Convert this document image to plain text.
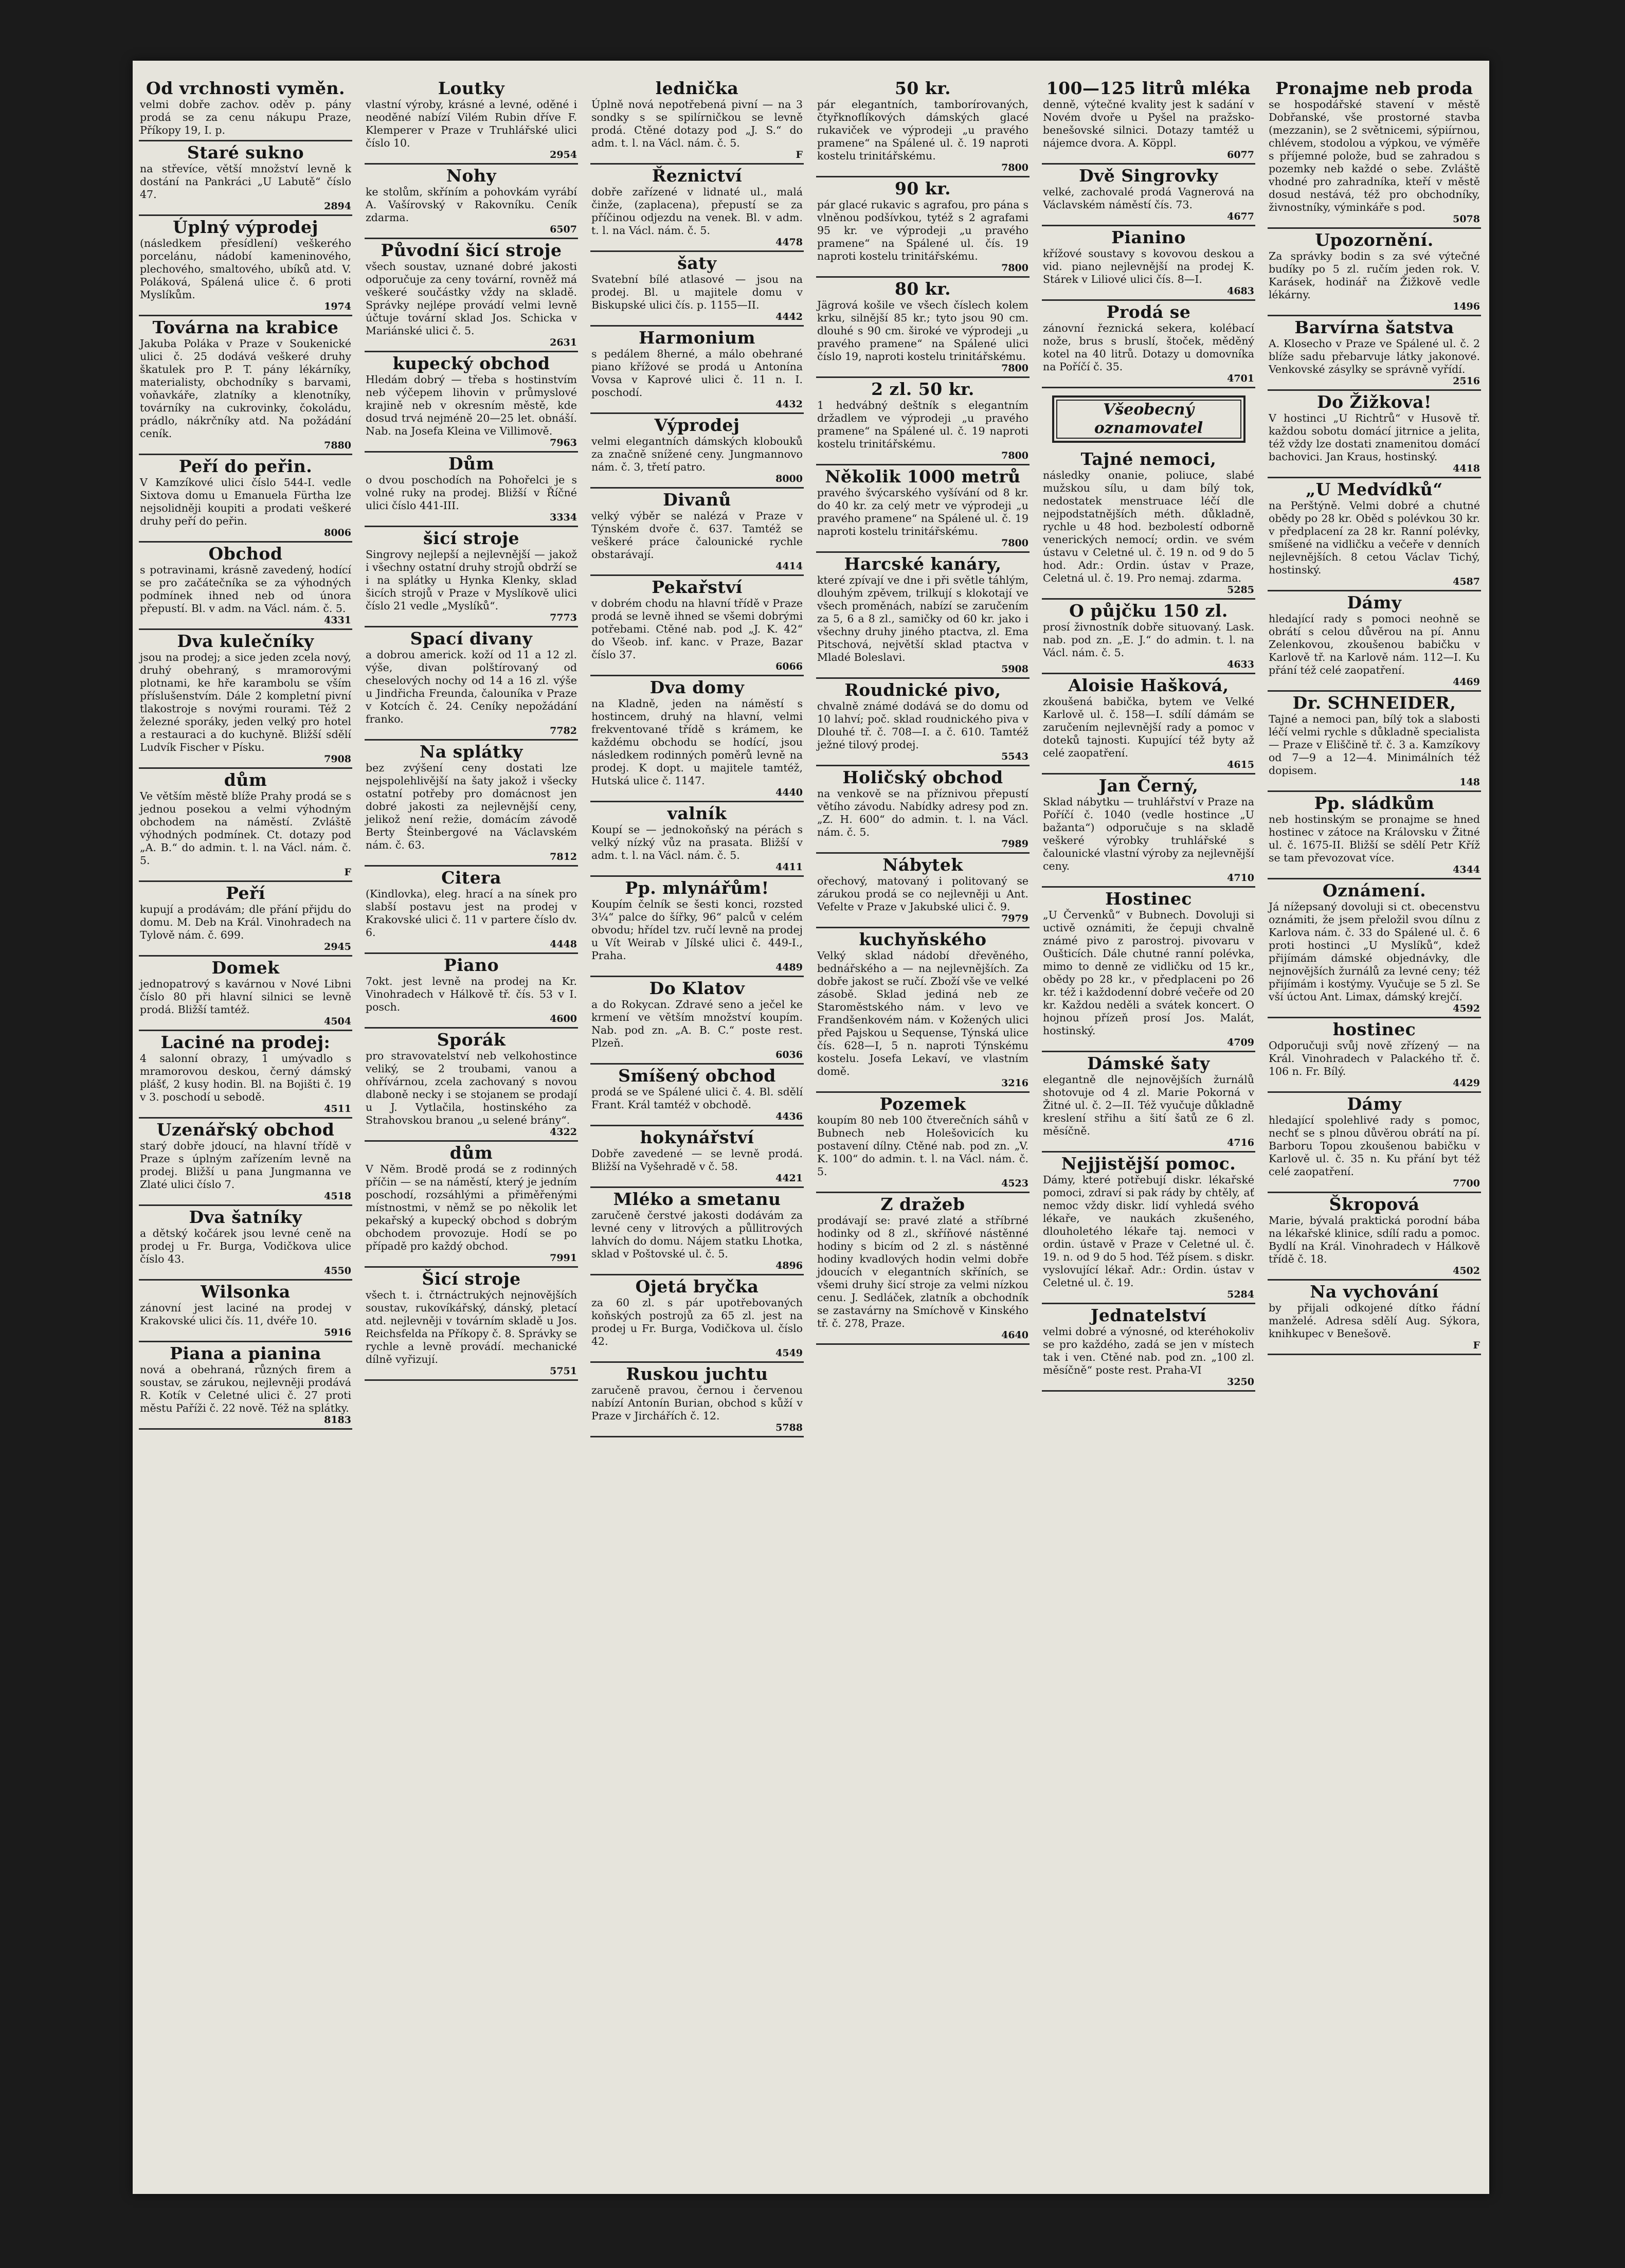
Od vrchnosti vyměn.
velmi dobře zachov. oděv p. pány prodá se za cenu nákupu Praze, Příkopy 19, I. p.
Staré sukno
na střevíce, větší množství levně k dostání na Pankráci „U Labutě“ číslo 47.
2894
Úplný výprodej
(následkem přesídlení) veškerého porcelánu, nádobí kameninového, plechového, smaltového, ubíků atd. V. Poláková, Spálená ulice č. 6 proti Myslíkům.
1974
Továrna na krabice
Jakuba Poláka v Praze v Soukenické ulici č. 25 dodává veškeré druhy škatulek pro P. T. pány lékárníky, materialisty, obchodníky s barvami, voňavkáře, zlatníky a klenotníky, továrníky na cukrovinky, čokoládu, prádlo, nákrčníky atd. Na požádání ceník.
7880
Peří do peřin.
V Kamzíkové ulici číslo 544-I. vedle Sixtova domu u Emanuela Fürtha lze nejsolidněji koupiti a prodati veškeré druhy peří do peřin.
8006
Obchod
s potravinami, krásně zavedený, hodící se pro začátečníka se za výhodných podmínek ihned neb od února přepustí. Bl. v adm. na Václ. nám. č. 5.
4331
Dva kulečníky
jsou na prodej; a sice jeden zcela nový, druhý obehraný, s mramorovými plotnami, ke hře karambolu se vším příslušenstvím. Dále 2 kompletní pivní tlakostroje s novými rourami. Též 2 železné sporáky, jeden velký pro hotel a restauraci a do kuchyně. Bližší sdělí Ludvík Fischer v Písku.
7908
dům
Ve větším městě blíže Prahy prodá se s jednou posekou a velmi výhodným obchodem na náměstí. Zvláště výhodných podmínek. Ct. dotazy pod „A. B.“ do admin. t. l. na Václ. nám. č. 5.
F
Peří
kupují a prodávám; dle přání přijdu do domu. M. Deb na Král. Vinohradech na Tylově nám. č. 699.
2945
Domek
jednopatrový s kavárnou v Nové Libni číslo 80 při hlavní silnici se levně prodá. Bližší tamtéž.
4504
Laciné na prodej:
4 salonní obrazy, 1 umývadlo s mramorovou deskou, černý dámský plášť, 2 kusy hodin. Bl. na Bojišti č. 19 v 3. poschodí u sebodě.
4511
Uzenářský obchod
starý dobře jdoucí, na hlavní třídě v Praze s úplným zařízením levně na prodej. Bližší u pana Jungmanna ve Zlaté ulici číslo 7.
4518
Dva šatníky
a dětský kočárek jsou levné ceně na prodej u Fr. Burga, Vodičkova ulice číslo 43.
4550
Wilsonka
zánovní jest laciné na prodej v Krakovské ulici čís. 11, dvéře 10.
5916
Piana a pianina
nová a obehraná, různých firem a soustav, se zárukou, nejlevněji prodává R. Kotík v Celetné ulici č. 27 proti městu Paříži č. 22 nově. Též na splátky.
8183
Loutky
vlastní výroby, krásné a levné, oděné i neoděné nabízí Vilém Rubin dříve F. Klemperer v Praze v Truhlářské ulici číslo 10.
2954
Nohy
ke stolům, skříním a pohovkám vyrábí A. Vašírovský v Rakovníku. Ceník zdarma.
6507
Původní šicí stroje
všech soustav, uznané dobré jakosti odporučuje za ceny tovární, rovněž má veškeré součástky vždy na skladě. Správky nejlépe provádí velmi levně účtuje tovární sklad Jos. Schicka v Mariánské ulici č. 5.
2631
kupecký obchod
Hledám dobrý — třeba s hostinstvím neb výčepem lihovin v průmyslové krajině neb v okresním městě, kde dosud trvá nejméně 20—25 let. obnáší. Nab. na Josefa Kleina ve Villimově.
7963
Dům
o dvou poschodích na Pohořelci je s volné ruky na prodej. Bližší v Říčné ulici číslo 441-III.
3334
šicí stroje
Singrovy nejlepší a nejlevnější — jakož i všechny ostatní druhy strojů obdrží se i na splátky u Hynka Klenky, sklad šicích strojů v Praze v Myslíkově ulici číslo 21 vedle „Myslíků“.
7773
Spací divany
a dobrou americk. koží od 11 a 12 zl. výše, divan polštírovaný od cheselových nochy od 14 a 16 zl. výše u Jindřicha Freunda, čalouníka v Praze v Kotcích č. 24. Ceníky nepožádání franko.
7782
Na splátky
bez zvýšení ceny dostati lze nejspolehlivější na šaty jakož i všecky ostatní potřeby pro domácnost jen dobré jakosti za nejlevnější ceny, jelikož není režie, domácím závodě Berty Šteinbergové na Václavském nám. č. 63.
7812
Citera
(Kindlovka), eleg. hrací a na sínek pro slabší postavu jest na prodej v Krakovské ulici č. 11 v partere číslo dv. 6.
4448
Piano
7okt. jest levně na prodej na Kr. Vinohradech v Hálkově tř. čís. 53 v I. posch.
4600
Sporák
pro stravovatelství neb velkohostince veliký, se 2 troubami, vanou a ohřívárnou, zcela zachovaný s novou dlaboně necky i se stojanem se prodají u J. Vytlačila, hostinského za Strahovskou branou „u selené brány“.
4322
dům
V Něm. Brodě prodá se z rodinných příčin — se na náměstí, který je jedním poschodí, rozsáhlými a přiměřenými místnostmi, v němž se po několik let pekařský a kupecký obchod s dobrým obchodem provozuje. Hodí se po případě pro každý obchod.
7991
Šicí stroje
všech t. i. čtrnáctrukých nejnovějších soustav, rukovíkářský, dánský, pletací atd. nejlevněji v továrním skladě u Jos. Reichsfelda na Příkopy č. 8. Správky se rychle a levně provádí. mechanické dílně vyřizují.
5751
lednička
Úplně nová nepotřebená pivní — na 3 sondky s se spilírničkou se levně prodá. Ctěné dotazy pod „J. S.“ do adm. t. l. na Václ. nám. č. 5.
F
Řeznictví
dobře zařízené v lidnaté ul., malá činže, (zaplacena), přepustí se za příčinou odjezdu na venek. Bl. v adm. t. l. na Václ. nám. č. 5.
4478
šaty
Svatební bílé atlasové — jsou na prodej. Bl. u majitele domu v Biskupské ulici čís. p. 1155—II.
4442
Harmonium
s pedálem 8herné, a málo obehrané piano křížové se prodá u Antonína Vovsa v Kaprové ulici č. 11 n. I. poschodí.
4432
Výprodej
velmi elegantních dámských klobouků za značně snížené ceny. Jungmannovo nám. č. 3, třetí patro.
8000
Divanů
velký výběr se nalézá v Praze v Týnském dvoře č. 637. Tamtéž se veškeré práce čalounické rychle obstarávají.
4414
Pekařství
v dobrém chodu na hlavní třídě v Praze prodá se levně ihned se všemi dobrými potřebami. Ctěné nab. pod „J. K. 42“ do Všeob. inf. kanc. v Praze, Bazar číslo 37.
6066
Dva domy
na Kladně, jeden na náměstí s hostincem, druhý na hlavní, velmi frekventované třídě s krámem, ke každému obchodu se hodící, jsou následkem rodinných poměrů levně na prodej. K dopt. u majitele tamtéž, Hutská ulice č. 1147.
4440
valník
Koupí se — jednokoňský na pérách s velký nízký vůz na prasata. Bližší v adm. t. l. na Václ. nám. č. 5.
4411
Pp. mlynářům!
Koupím čelník se šesti konci, rozsted 3¼“ palce do šířky, 96“ palců v celém obvodu; hřídel tzv. ručí levně na prodej u Vít Weirab v Jílské ulici č. 449-I., Praha.
4489
Do Klatov
a do Rokycan. Zdravé seno a ječel ke krmení ve větším množství koupím. Nab. pod zn. „A. B. C.“ poste rest. Plzeň.
6036
Smíšený obchod
prodá se ve Spálené ulici č. 4. Bl. sdělí Frant. Král tamtéž v obchodě.
4436
hokynářství
Dobře zavedené — se levně prodá. Bližší na Vyšehradě v č. 58.
4421
Mléko a smetanu
zaručeně čerstvé jakosti dodávám za levné ceny v litrových a půllitrových lahvích do domu. Nájem statku Lhotka, sklad v Poštovské ul. č. 5.
4896
Ojetá bryčka
za 60 zl. s pár upotřebovaných koňských postrojů za 65 zl. jest na prodej u Fr. Burga, Vodičkova ul. číslo 42.
4549
Ruskou juchtu
zaručeně pravou, černou i červenou nabízí Antonín Burian, obchod s kůží v Praze v Jirchářích č. 12.
5788
50 kr.
pár elegantních, tamborírovaných, čtyřknoflíkových dámských glacé rukaviček ve výprodeji „u pravého pramene“ na Spálené ul. č. 19 naproti kostelu trinitářskému.
7800
90 kr.
pár glacé rukavic s agrafou, pro pána s vlněnou podšívkou, tytéž s 2 agrafami 95 kr. ve výprodeji „u pravého pramene“ na Spálené ul. čís. 19 naproti kostelu trinitářskému.
7800
80 kr.
Jägrová košile ve všech číslech kolem krku, silnější 85 kr.; tyto jsou 90 cm. dlouhé s 90 cm. široké ve výprodeji „u pravého pramene“ na Spálené ulici číslo 19, naproti kostelu trinitářskému.
7800
2 zl. 50 kr.
1 hedvábný deštník s elegantním držadlem ve výprodeji „u pravého pramene“ na Spálené ul. č. 19 naproti kostelu trinitářskému.
7800
Několik 1000 metrů
pravého švýcarského vyšívání od 8 kr. do 40 kr. za celý metr ve výprodeji „u pravého pramene“ na Spálené ul. č. 19 naproti kostelu trinitářskému.
7800
Harcské kanáry,
které zpívají ve dne i při světle táhlým, dlouhým zpěvem, trilkují s klokotají ve všech proměnách, nabízí se zaručením za 5, 6 a 8 zl., samičky od 60 kr. jako i všechny druhy jiného ptactva, zl. Ema Pitschová, největší sklad ptactva v Mladé Boleslavi.
5908
Roudnické pivo,
chvalně známé dodává se do domu od 10 lahví; poč. sklad roudnického piva v Dlouhé tř. č. 708—I. a č. 610. Tamtéž ježné tilový prodej.
5543
Holičský obchod
na venkově se na příznivou přepustí větího závodu. Nabídky adresy pod zn. „Z. H. 600“ do admin. t. l. na Václ. nám. č. 5.
7989
Nábytek
ořechový, matovaný i politovaný se zárukou prodá se co nejlevněji u Ant. Vefelte v Praze v Jakubské ulici č. 9.
7979
kuchyňského
Velký sklad nádobí dřevěného, bednářského a — na nejlevnějších. Za dobře jakost se ručí. Zboží vše ve velké zásobě. Sklad jediná neb ze Staroměstského nám. v levo ve Frandšenkovém nám. v Kožených ulici před Pajskou u Sequense, Týnská ulice čís. 628—I, 5 n. naproti Týnskému kostelu. Josefa Lekaví, ve vlastním domě.
3216
Pozemek
koupím 80 neb 100 čtverečních sáhů v Bubnech neb Holešovicích ku postavení dílny. Ctěné nab. pod zn. „V. K. 100“ do admin. t. l. na Václ. nám. č. 5.
4523
Z dražeb
prodávají se: pravé zlaté a stříbrné hodinky od 8 zl., skříňové nástěnné hodiny s bicím od 2 zl. s nástěnné hodiny kvadlových hodin velmi dobře jdoucích v elegantních skříních, se všemi druhy šicí stroje za velmi nízkou cenu. J. Sedláček, zlatník a obchodník se zastavárny na Smíchově v Kinského tř. č. 278, Praze.
4640
100—125 litrů mléka
denně, výtečné kvality jest k sadání v Novém dvoře u Pyšel na pražsko-benešovské silnici. Dotazy tamtéž u nájemce dvora. A. Köppl.
6077
Dvě Singrovky
velké, zachovalé prodá Vagnerová na Václavském náměstí čís. 73.
4677
Pianino
křížové soustavy s kovovou deskou a vid. piano nejlevnější na prodej K. Stárek v Liliové ulici čís. 8—I.
4683
Prodá se
zánovní řeznická sekera, kolébací nože, brus s bruslí, štoček, měděný kotel na 40 litrů. Dotazy u domovníka na Poříčí č. 35.
4701
Všeobecný oznamovatel
Tajné nemoci,
následky onanie, poliuce, slabé mužskou sílu, u dam bílý tok, nedostatek menstruace léčí dle nejpodstatnějších méth. důkladně, rychle u 48 hod. bezbolestí odborně venerických nemocí; ordin. ve svém ústavu v Celetné ul. č. 19 n. od 9 do 5 hod. Adr.: Ordin. ústav v Praze, Celetná ul. č. 19. Pro nemaj. zdarma.
5285
O půjčku 150 zl.
prosí živnostník dobře situovaný. Lask. nab. pod zn. „E. J.“ do admin. t. l. na Václ. nám. č. 5.
4633
Aloisie Hašková,
zkoušená babička, bytem ve Velké Karlově ul. č. 158—I. sdílí dámám se zaručením nejlevnější rady a pomoc v doteků tajnosti. Kupující též byty až celé zaopatření.
4615
Jan Černý,
Sklad nábytku — truhlářství v Praze na Poříčí č. 1040 (vedle hostince „U bažanta“) odporučuje s na skladě veškeré výrobky truhlářské s čalounické vlastní výroby za nejlevnější ceny.
4710
Hostinec
„U Červenků“ v Bubnech. Dovoluji si uctivě oznámiti, že čepuji chvalně známé pivo z parostroj. pivovaru v Oušticích. Dále chutné ranní polévka, mimo to denně ze vidličku od 15 kr., obědy po 28 kr., v předplaceni po 26 kr. též i každodenní dobré večeře od 20 kr. Každou neděli a svátek koncert. O hojnou přízeň prosí Jos. Malát, hostinský.
4709
Dámské šaty
elegantně dle nejnovějších žurnálů shotovuje od 4 zl. Marie Pokorná v Žitné ul. č. 2—II. Též vyučuje důkladně kreslení střihu a šití šatů ze 6 zl. měsíčně.
4716
Nejjistější pomoc.
Dámy, které potřebují diskr. lékařské pomoci, zdraví si pak rády by chtěly, ať nemoc vždy diskr. lidí vyhledá svého lékaře, ve naukách zkušeného, dlouholetého lékaře taj. nemoci v ordin. ústavě v Praze v Celetné ul. č. 19. n. od 9 do 5 hod. Též písem. s diskr. vyslovující lékař. Adr.: Ordin. ústav v Celetné ul. č. 19.
5284
Jednatelství
velmi dobré a výnosné, od kteréhokoliv se pro každého, zadá se jen v místech tak i ven. Ctěné nab. pod zn. „100 zl. měsíčně“ poste rest. Praha-VI
3250
Pronajme neb proda
se hospodářské stavení v městě Dobřanské, vše prostorné stavba (mezzanin), se 2 světnicemi, sýpiírnou, chlévem, stodolou a výpkou, ve výměře s příjemné polože, bud se zahradou s pozemky neb každé o sebe. Zvláště vhodné pro zahradníka, kteří v městě dosud nestává, též pro obchodníky, živnostníky, výminkáře s pod.
5078
Upozornění.
Za správky bodin s za své výtečné budíky po 5 zl. ručím jeden rok. V. Karásek, hodinář na Žižkově vedle lékárny.
1496
Barvírna šatstva
A. Klosecho v Praze ve Spálené ul. č. 2 blíže sadu přebarvuje látky jakonové. Venkovské zásylky se správně vyřídí.
2516
Do Žižkova!
V hostinci „U Richtrů“ v Husově tř. každou sobotu domácí jitrnice a jelita, též vždy lze dostati znamenitou domácí bachovici. Jan Kraus, hostinský.
4418
„U Medvídků“
na Perštýně. Velmi dobré a chutné obědy po 28 kr. Oběd s polévkou 30 kr. v předplacení za 28 kr. Ranní polévky, smíšené na vidličku a večeře v denních nejlevnějších. 8 cetou Václav Tichý, hostinský.
4587
Dámy
hledající rady s pomoci neohně se obrátí s celou důvěrou na pí. Annu Zelenkovou, zkoušenou babičku v Karlově tř. na Karlově nám. 112—I. Ku přání též celé zaopatření.
4469
Dr. SCHNEIDER,
Tajné a nemoci pan, bílý tok a slabosti léčí velmi rychle s důkladně specialista — Praze v Eliščině tř. č. 3 a. Kamzíkovy od 7—9 a 12—4. Minimálních též dopisem.
148
Pp. sládkům
neb hostinským se pronajme se hned hostinec v zátoce na Královsku v Žitné ul. č. 1675-II. Bližší se sdělí Petr Kříž se tam převozovat více.
4344
Oznámení.
Já nížepsaný dovoluji si ct. obecenstvu oznámiti, že jsem přeložil svou dílnu z Karlova nám. č. 33 do Spálené ul. č. 6 proti hostinci „U Myslíků“, kdež přijímám dámské objednávky, dle nejnovějších žurnálů za levné ceny; též přijímám i kostýmy. Vyučuje se 5 zl. Se vší úctou Ant. Limax, dámský krejčí.
4592
hostinec
Odporučuji svůj nově zřízený — na Král. Vinohradech v Palackého tř. č. 106 n. Fr. Bílý.
4429
Dámy
hledající spolehlivé rady s pomoc, nechť se s plnou důvěrou obrátí na pí. Barboru Topou zkoušenou babičku v Karlově ul. č. 35 n. Ku přání byt též celé zaopatření.
7700
Škropová
Marie, bývalá praktická porodní bába na lékařské klinice, sdílí radu a pomoc. Bydlí na Král. Vinohradech v Hálkově třídě č. 18.
4502
Na vychování
by přijali odkojené dítko řádní manželé. Adresa sdělí Aug. Sýkora, knihkupec v Benešově.
F
